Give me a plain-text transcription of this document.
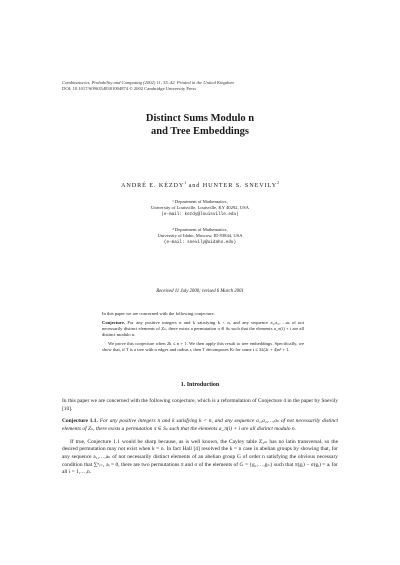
Combinatorics, Probability and Computing (2002) 11, 35–42. Printed in the United Kingdom
DOI: 10.1017/S0963548301004874 © 2002 Cambridge University Press
Distinct Sums Modulo n
and Tree Embeddings
ANDRÉ E. KÉZDY$^1$ and HUNTER S. SNEVILY$^2$
¹ Department of Mathematics,
University of Louisville, Louisville, KY 40292, USA
(e-mail: kezdy@louisville.edu)
² Department of Mathematics,
University of Idaho, Moscow, ID 83844, USA
(e-mail: snevily@uidaho.edu)
Received 11 July 2000; revised 6 March 2001

In this paper we are concerned with the following conjecture.

Conjecture. For any positive integers n and k satisfying k < n, and any sequence a₁,a₂,…,aₖ of not necessarily distinct elements of Zₙ, there exists a permutation π ∈ Sₖ such that the elements a_π(i) + i are all distinct modulo n.

We prove this conjecture when 2k ≤ n + 1. We then apply this result to tree embeddings. Specifically, we show that, if T is a tree with n edges and radius r, then T decomposes Kₜ for some t ≤ 32(2r + 4)n² + 1.

1. Introduction

In this paper we are concerned with the following conjecture, which is a reformulation of Conjecture 4 in the paper by Snevily [10].

Conjecture 1.1. For any positive integers n and k satisfying k < n, and any sequence a₁,a₂,…,aₖ of not necessarily distinct elements of Zₙ, there exists a permutation π ∈ Sₖ such that the elements a_π(i) + i are all distinct modulo n.

If true, Conjecture 1.1 would be sharp because, as is well known, the Cayley table Z₂ₘ has no latin transversal, so the desired permutation may not exist when k = n. In fact Hall [4] resolved the k = n case in abelian groups by showing that, for any sequence a₁,…,aₙ of not necessarily distinct elements of an abelian group G of order n satisfying the obvious necessary condition that ∑ⁿᵢ₌₁ aᵢ = 0, there are two permutations π and σ of the elements of G = {g₁,…,gₙ} such that π(gᵢ) − σ(gᵢ) = aᵢ for all i = 1,…,n.
